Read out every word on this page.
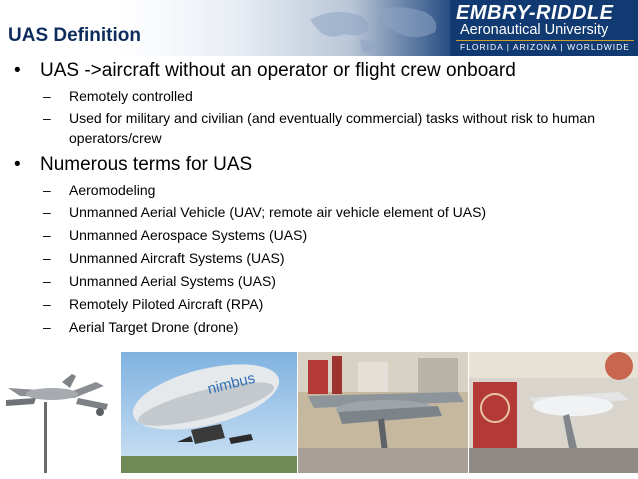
UAS Definition
EMBRY-RIDDLE
Aeronautical University
FLORIDA | ARIZONA | WORLDWIDE
• UAS ->aircraft without an operator or flight crew onboard
– Remotely controlled
– Used for military and civilian (and eventually commercial) tasks without risk to human operators/crew
• Numerous terms for UAS
– Aeromodeling
– Unmanned Aerial Vehicle (UAV; remote air vehicle element of UAS)
– Unmanned Aerospace Systems (UAS)
– Unmanned Aircraft Systems (UAS)
– Unmanned Aerial Systems (UAS)
– Remotely Piloted Aircraft (RPA)
– Aerial Target Drone (drone)
nimbus
